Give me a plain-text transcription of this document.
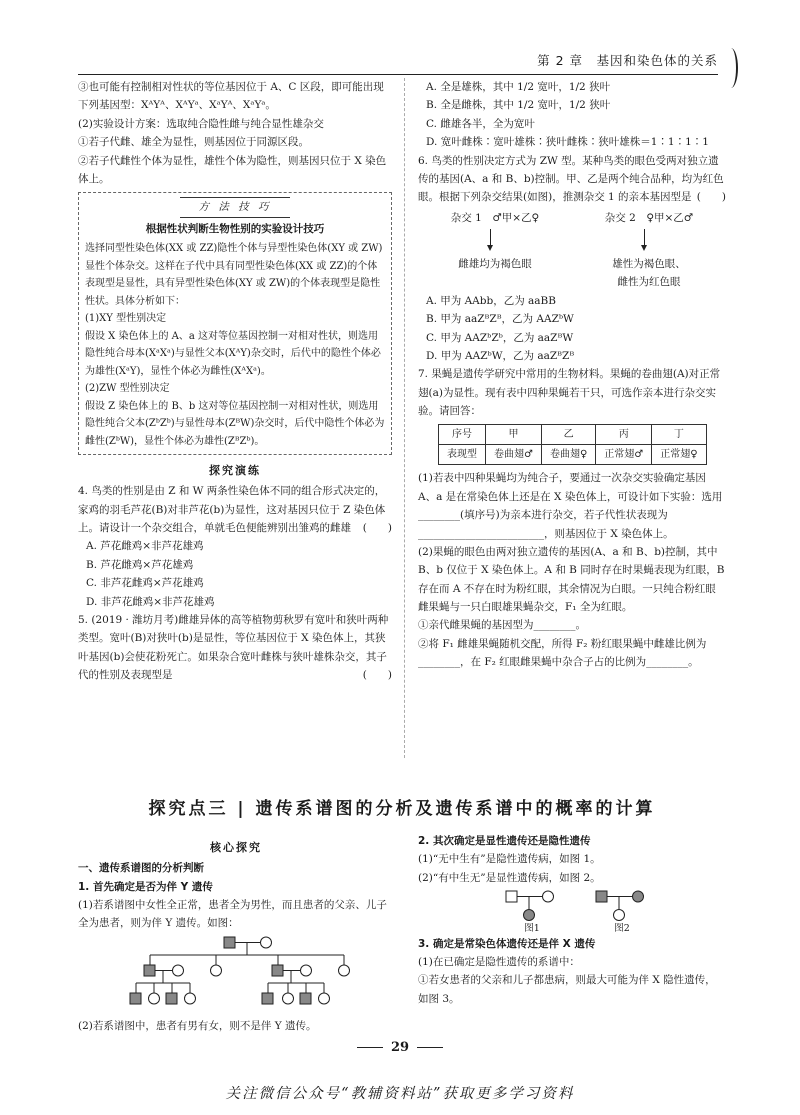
第 2 章　基因和染色体的关系

③也可能有控制相对性状的等位基因位于 A、C 区段，即可能出现下列基因型：XᴬYᴬ、XᴬYᵃ、XᵃYᴬ、XᵃYᵃ。

(2)实验设计方案：选取纯合隐性雌与纯合显性雄杂交

①若子代雌、雄全为显性，则基因位于同源区段。

②若子代雌性个体为显性，雄性个体为隐性，则基因只位于 X 染色体上。

方 法 技 巧
根据性状判断生物性别的实验设计技巧

选择同型性染色体(XX 或 ZZ)隐性个体与异型性染色体(XY 或 ZW)显性个体杂交。这样在子代中具有同型性染色体(XX 或 ZZ)的个体表现型是显性，具有异型性染色体(XY 或 ZW)的个体表现型是隐性性状。具体分析如下：

(1)XY 型性别决定

假设 X 染色体上的 A、a 这对等位基因控制一对相对性状，则选用隐性纯合母本(XᵃXᵃ)与显性父本(XᴬY)杂交时，后代中的隐性个体必为雄性(XᵃY)，显性个体必为雌性(XᴬXᵃ)。

(2)ZW 型性别决定

假设 Z 染色体上的 B、b 这对等位基因控制一对相对性状，则选用隐性纯合父本(ZᵇZᵇ)与显性母本(ZᴮW)杂交时，后代中隐性个体必为雌性(ZᵇW)，显性个体必为雄性(ZᴮZᵇ)。

探究演练

4. 鸟类的性别是由 Z 和 W 两条性染色体不同的组合形式决定的，家鸡的羽毛芦花(B)对非芦花(b)为显性，这对基因只位于 Z 染色体上。请设计一个杂交组合，单就毛色便能辨别出雏鸡的雌雄 (　　)

A. 芦花雌鸡×非芦花雄鸡

B. 芦花雌鸡×芦花雄鸡

C. 非芦花雌鸡×芦花雄鸡

D. 非芦花雌鸡×非芦花雄鸡

5. (2019 · 潍坊月考)雌雄异体的高等植物剪秋罗有宽叶和狭叶两种类型。宽叶(B)对狭叶(b)是显性，等位基因位于 X 染色体上，其狭叶基因(b)会使花粉死亡。如果杂合宽叶雌株与狭叶雄株杂交，其子代的性别及表现型是	(　　)

A. 全是雄株，其中 1/2 宽叶，1/2 狭叶

B. 全是雌株，其中 1/2 宽叶，1/2 狭叶

C. 雌雄各半，全为宽叶

D. 宽叶雌株∶宽叶雄株∶狭叶雌株∶狭叶雄株＝1∶1∶1∶1

6. 鸟类的性别决定方式为 ZW 型。某种鸟类的眼色受两对独立遗传的基因(A、a 和 B、b)控制。甲、乙是两个纯合品种，均为红色眼。根据下列杂交结果(如图)，推测杂交 1 的亲本基因型是 (　　)

杂交 1　♂甲×乙♀	杂交 2　♀甲×乙♂
雌雄均为褐色眼	雄性为褐色眼、
雌性为红色眼

A. 甲为 AAbb，乙为 aaBB

B. 甲为 aaZᴮZᴮ，乙为 AAZᵇW

C. 甲为 AAZᵇZᵇ，乙为 aaZᴮW

D. 甲为 AAZᵇW，乙为 aaZᴮZᴮ

7. 果蝇是遗传学研究中常用的生物材料。果蝇的卷曲翅(A)对正常翅(a)为显性。现有表中四种果蝇若干只，可选作亲本进行杂交实验。请回答：

序号	甲	乙	丙	丁
表现型	卷曲翅♂	卷曲翅♀	正常翅♂	正常翅♀

(1)若表中四种果蝇均为纯合子，要通过一次杂交实验确定基因 A、a 是在常染色体上还是在 X 染色体上，可设计如下实验：选用________(填序号)为亲本进行杂交，若子代性状表现为________________________，则基因位于 X 染色体上。

(2)果蝇的眼色由两对独立遗传的基因(A、a 和 B、b)控制，其中 B、b 仅位于 X 染色体上。A 和 B 同时存在时果蝇表现为红眼，B 存在而 A 不存在时为粉红眼，其余情况为白眼。一只纯合粉红眼雌果蝇与一只白眼雄果蝇杂交，F₁ 全为红眼。

①亲代雌果蝇的基因型为________。

②将 F₁ 雌雄果蝇随机交配，所得 F₂ 粉红眼果蝇中雌雄比例为________，在 F₂ 红眼雌果蝇中杂合子占的比例为________。

探究点三 | 遗传系谱图的分析及遗传系谱中的概率的计算
核心探究

一、遗传系谱图的分析判断

1. 首先确定是否为伴 Y 遗传

(1)若系谱图中女性全正常，患者全为男性，而且患者的父亲、儿子全为患者，则为伴 Y 遗传。如图：

(2)若系谱图中，患者有男有女，则不是伴 Y 遗传。

2. 其次确定是显性遗传还是隐性遗传

(1)“无中生有”是隐性遗传病，如图 1。

(2)“有中生无”是显性遗传病，如图 2。

图1	图2

3. 确定是常染色体遗传还是伴 X 遗传

(1)在已确定是隐性遗传的系谱中：

①若女患者的父亲和儿子都患病，则最大可能为伴 X 隐性遗传，如图 3。

29
关注微信公众号“教辅资料站”获取更多学习资料
